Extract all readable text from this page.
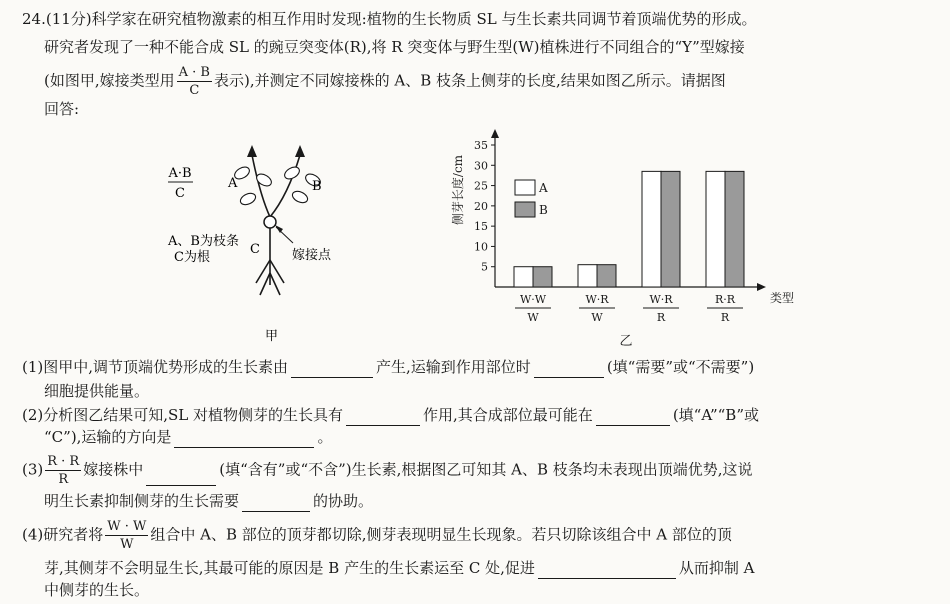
24.(11分)科学家在研究植物激素的相互作用时发现:植物的生长物质 SL 与生长素共同调节着顶端优势的形成。
研究者发现了一种不能合成 SL 的豌豆突变体(R),将 R 突变体与野生型(W)植株进行不同组合的“Y”型嫁接
(如图甲,嫁接类型用 $\frac{A \cdot B}{C}$ 表示),并测定不同嫁接株的 A、B 枝条上侧芽的长度,结果如图乙所示。请据图
回答:
A·B
C
A	B
C
A、B为枝条
C为根	嫁接点
甲
5
10
15
20
25
30
35
侧芽长度/cm
类型
A
B
W·W
W
W·R
W
W·R
R
R·R
R
乙
(1)图甲中,调节顶端优势形成的生长素由	产生,运输到作用部位时	(填“需要”或“不需要”)
细胞提供能量。
(2)分析图乙结果可知,SL 对植物侧芽的生长具有	作用,其合成部位最可能在	(填“A”“B”或
“C”),运输的方向是	。
$(3) \frac{R \cdot R}{R}$ 嫁接株中	(填“含有”或“不含”)生长素,根据图乙可知其 A、B 枝条均未表现出顶端优势,这说
明生长素抑制侧芽的生长需要	的协助。
(4)研究者将 $\frac{W \cdot W}{W}$ 组合中 A、B 部位的顶芽都切除,侧芽表现明显生长现象。若只切除该组合中 A 部位的顶
芽,其侧芽不会明显生长,其最可能的原因是 B 产生的生长素运至 C 处,促进	从而抑制 A
中侧芽的生长。
